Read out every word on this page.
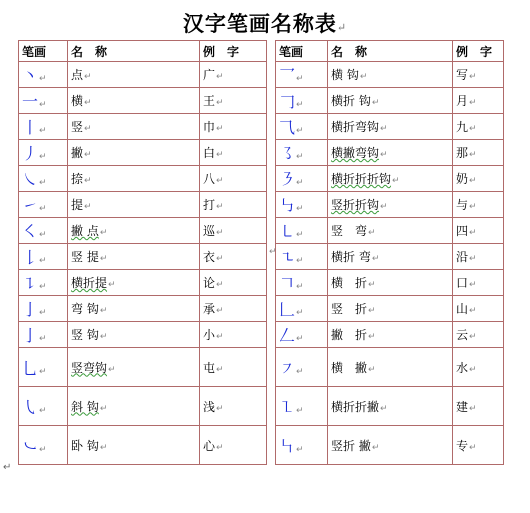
汉字笔画名称表↵
笔画	名　称	例　字
丶↵	点↵	广↵
一↵	横↵	王↵
丨↵	竖↵	巾↵
丿↵	撇↵	白↵
㇏↵	捺↵	八↵
㇀↵	提↵	打↵
㇛↵	撇 点↵	巡↵
𠄌↵	竖 提↵	衣↵
㇊↵	横折提↵	论↵
亅↵	弯 钩↵	承↵
亅↵	竖 钩↵	小↵
乚↵	竖弯钩↵	屯↵
㇂↵	斜 钩↵	浅↵
㇃↵	卧 钩↵	心↵
笔画	名　称	例　字
乛↵	横 钩↵	写↵
𠃌↵	横折 钩↵	月↵
⺄↵	横折弯钩↵	九↵
㇌↵	横撇弯钩↵	那↵
㇋↵	横折折折钩↵	奶↵
㇉↵	竖折折钩↵	与↵
㇄↵	竖　弯↵	四↵
㇍↵	横折 弯↵	沿↵
𠃍↵	横　折↵	口↵
𠃊↵	竖　折↵	山↵
𠃋↵	撇　折↵	云↵
㇇↵	横　撇↵	水↵
㇅↵	横折折撇↵	建↵
㇞↵	竖折 撇↵	专↵
↵
↵
